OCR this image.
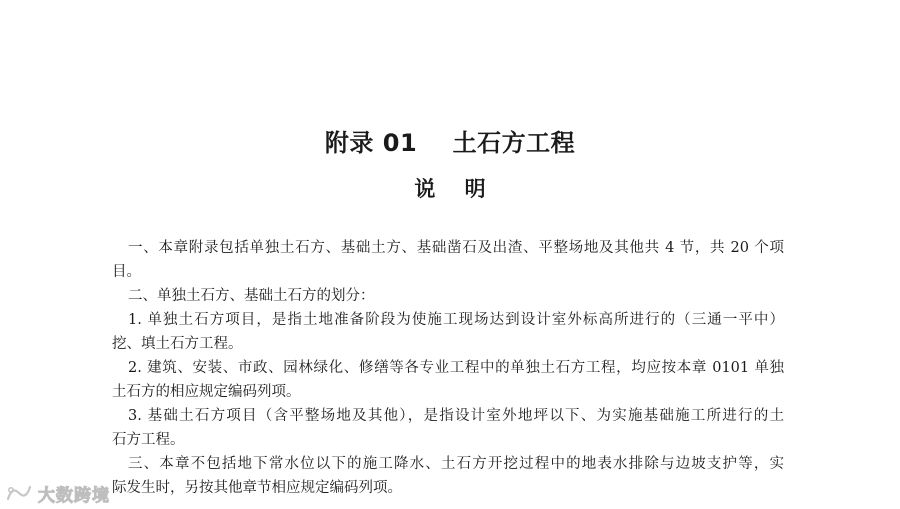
附录 01    土石方工程
说    明
一、本章附录包括单独土石方、基础土方、基础凿石及出渣、平整场地及其他共 4 节，共 20 个项
目。
二、单独土石方、基础土石方的划分：
1. 单独土石方项目，是指土地准备阶段为使施工现场达到设计室外标高所进行的（三通一平中）
挖、填土石方工程。
2. 建筑、安装、市政、园林绿化、修缮等各专业工程中的单独土石方工程，均应按本章 0101 单独
土石方的相应规定编码列项。
3. 基础土石方项目（含平整场地及其他），是指设计室外地坪以下、为实施基础施工所进行的土
石方工程。
三、本章不包括地下常水位以下的施工降水、土石方开挖过程中的地表水排除与边坡支护等，实
际发生时，另按其他章节相应规定编码列项。
大数跨境
